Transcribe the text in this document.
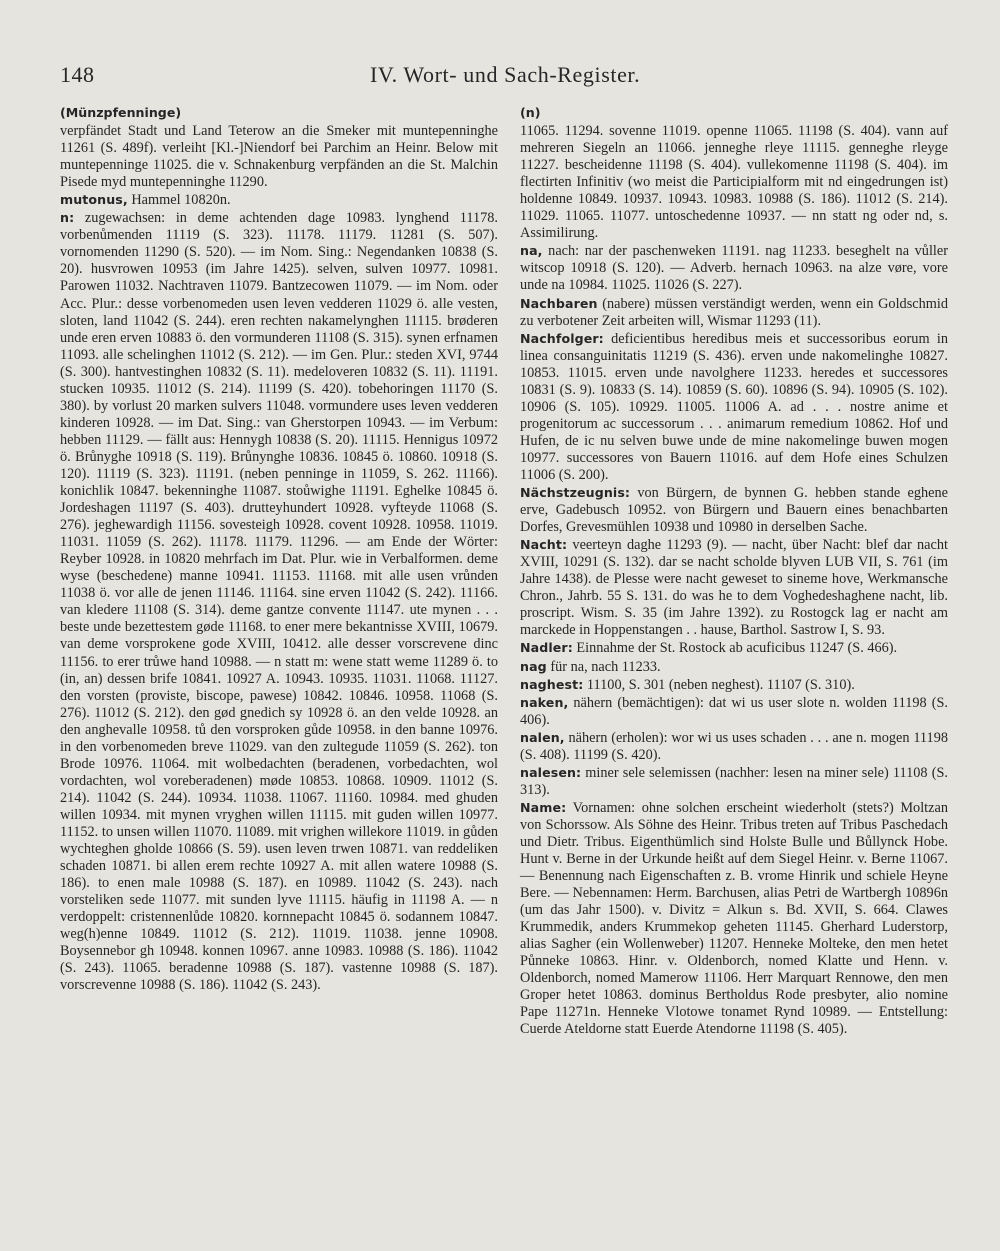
148	IV. Wort- und Sach-Register.
(Münzpfenninge)
verpfändet Stadt und Land Teterow an die Smeker mit muntepenninghe 11261 (S. 489f). verleiht [Kl.-]Niendorf bei Parchim an Heinr. Below mit muntepenninge 11025. die v. Schnakenburg verpfänden an die St. Malchin Pisede myd muntepenninghe 11290.
mutonus, Hammel 10820n.
n: zugewachsen: in deme achtenden dage 10983. lynghend 11178. vorbenůmenden 11119 (S. 323). 11178. 11179. 11281 (S. 507). vornomenden 11290 (S. 520). — im Nom. Sing.: Negendanken 10838 (S. 20). husvrowen 10953 (im Jahre 1425). selven, sulven 10977. 10981. Parowen 11032. Nachtraven 11079. Bantzecowen 11079. — im Nom. oder Acc. Plur.: desse vorbenomeden usen leven vedderen 11029 ö. alle vesten, sloten, land 11042 (S. 244). eren rechten nakamelynghen 11115. brøderen unde eren erven 10883 ö. den vormunderen 11108 (S. 315). synen erfnamen 11093. alle schelinghen 11012 (S. 212). — im Gen. Plur.: steden XVI, 9744 (S. 300). hantvestinghen 10832 (S. 11). medeloveren 10832 (S. 11). 11191. stucken 10935. 11012 (S. 214). 11199 (S. 420). tobehoringen 11170 (S. 380). by vorlust 20 marken sulvers 11048. vormundere uses leven vedderen kinderen 10928. — im Dat. Sing.: van Gherstorpen 10943. — im Verbum: hebben 11129. — fällt aus: Hennygh 10838 (S. 20). 11115. Hennigus 10972 ö. Brůnyghe 10918 (S. 119). Brůnynghe 10836. 10845 ö. 10860. 10918 (S. 120). 11119 (S. 323). 11191. (neben penninge in 11059, S. 262. 11166). konichlik 10847. bekenninghe 11087. stoůwighe 11191. Eghelke 10845 ö. Jordeshagen 11197 (S. 403). drutteyhundert 10928. vyfteyde 11068 (S. 276). jeghewardigh 11156. sovesteigh 10928. covent 10928. 10958. 11019. 11031. 11059 (S. 262). 11178. 11179. 11296. — am Ende der Wörter: Reyber 10928. in 10820 mehrfach im Dat. Plur. wie in Verbalformen. deme wyse (beschedene) manne 10941. 11153. 11168. mit alle usen vrůnden 11038 ö. vor alle de jenen 11146. 11164. sine erven 11042 (S. 242). 11166. van kledere 11108 (S. 314). deme gantze convente 11147. ute mynen . . . beste unde bezettestem gøde 11168. to ener mere bekantnisse XVIII, 10679. van deme vorsprokene gode XVIII, 10412. alle desser vorscrevene dinc 11156. to erer trůwe hand 10988. — n statt m: wene statt weme 11289 ö. to (in, an) dessen brife 10841. 10927 A. 10943. 10935. 11031. 11068. 11127. den vorsten (proviste, biscope, pawese) 10842. 10846. 10958. 11068 (S. 276). 11012 (S. 212). den gød gnedich sy 10928 ö. an den velde 10928. an den anghevalle 10958. tů den vorsproken gůde 10958. in den banne 10976. in den vorbenomeden breve 11029. van den zultegude 11059 (S. 262). ton Brode 10976. 11064. mit wolbedachten (beradenen, vorbedachten, wol vordachten, wol voreberadenen) møde 10853. 10868. 10909. 11012 (S. 214). 11042 (S. 244). 10934. 11038. 11067. 11160. 10984. med ghuden willen 10934. mit mynen vryghen willen 11115. mit guden willen 10977. 11152. to unsen willen 11070. 11089. mit vrighen willekore 11019. in gůden wychteghen gholde 10866 (S. 59). usen leven trwen 10871. van reddeliken schaden 10871. bi allen erem rechte 10927 A. mit allen watere 10988 (S. 186). to enen male 10988 (S. 187). en 10989. 11042 (S. 243). nach vorsteliken sede 11077. mit sunden lyve 11115. häufig in 11198 A. — n verdoppelt: cristennenlůde 10820. kornnepacht 10845 ö. sodannem 10847. weg(h)enne 10849. 11012 (S. 212). 11019. 11038. jenne 10908. Boysennebor gh 10948. konnen 10967. anne 10983. 10988 (S. 186). 11042 (S. 243). 11065. beradenne 10988 (S. 187). vastenne 10988 (S. 187). vorscrevenne 10988 (S. 186). 11042 (S. 243).
(n)
11065. 11294. sovenne 11019. openne 11065. 11198 (S. 404). vann auf mehreren Siegeln an 11066. jenneghe rleye 11115. genneghe rleyge 11227. bescheidenne 11198 (S. 404). vullekomenne 11198 (S. 404). im flectirten Infinitiv (wo meist die Participialform mit nd eingedrungen ist) holdenne 10849. 10937. 10943. 10983. 10988 (S. 186). 11012 (S. 214). 11029. 11065. 11077. untoschedenne 10937. — nn statt ng oder nd, s. Assimilirung.
na, nach: nar der paschenweken 11191. nag 11233. beseghelt na vůller witscop 10918 (S. 120). — Adverb. hernach 10963. na alze vøre, vore unde na 10984. 11025. 11026 (S. 227).
Nachbaren (nabere) müssen verständigt werden, wenn ein Goldschmid zu verbotener Zeit arbeiten will, Wismar 11293 (11).
Nachfolger: deficientibus heredibus meis et successoribus eorum in linea consanguinitatis 11219 (S. 436). erven unde nakomelinghe 10827. 10853. 11015. erven unde navolghere 11233. heredes et successores 10831 (S. 9). 10833 (S. 14). 10859 (S. 60). 10896 (S. 94). 10905 (S. 102). 10906 (S. 105). 10929. 11005. 11006 A. ad . . . nostre anime et progenitorum ac successorum . . . animarum remedium 10862. Hof und Hufen, de ic nu selven buwe unde de mine nakomelinge buwen mogen 10977. successores von Bauern 11016. auf dem Hofe eines Schulzen 11006 (S. 200).
Nächstzeugnis: von Bürgern, de bynnen G. hebben stande eghene erve, Gadebusch 10952. von Bürgern und Bauern eines benachbarten Dorfes, Grevesmühlen 10938 und 10980 in derselben Sache.
Nacht: veerteyn daghe 11293 (9). — nacht, über Nacht: blef dar nacht XVIII, 10291 (S. 132). dar se nacht scholde blyven LUB VII, S. 761 (im Jahre 1438). de Plesse were nacht geweset to sineme hove, Werkmansche Chron., Jahrb. 55 S. 131. do was he to dem Voghedeshaghene nacht, lib. proscript. Wism. S. 35 (im Jahre 1392). zu Rostogck lag er nacht am marckede in Hoppenstangen . . hause, Barthol. Sastrow I, S. 93.
Nadler: Einnahme der St. Rostock ab acuficibus 11247 (S. 466).
nag für na, nach 11233.
naghest: 11100, S. 301 (neben neghest). 11107 (S. 310).
naken, nähern (bemächtigen): dat wi us user slote n. wolden 11198 (S. 406).
nalen, nähern (erholen): wor wi us uses schaden . . . ane n. mogen 11198 (S. 408). 11199 (S. 420).
nalesen: miner sele selemissen (nachher: lesen na miner sele) 11108 (S. 313).
Name: Vornamen: ohne solchen erscheint wiederholt (stets?) Moltzan von Schorssow. Als Söhne des Heinr. Tribus treten auf Tribus Paschedach und Dietr. Tribus. Eigenthümlich sind Holste Bulle und Bůllynck Hobe. Hunt v. Berne in der Urkunde heißt auf dem Siegel Heinr. v. Berne 11067. — Benennung nach Eigenschaften z. B. vrome Hinrik und schiele Heyne Bere. — Nebennamen: Herm. Barchusen, alias Petri de Wartbergh 10896n (um das Jahr 1500). v. Divitz = Alkun s. Bd. XVII, S. 664. Clawes Krummedik, anders Krummekop geheten 11145. Gherhard Luderstorp, alias Sagher (ein Wollenweber) 11207. Henneke Molteke, den men hetet Půnneke 10863. Hinr. v. Oldenborch, nomed Klatte und Henn. v. Oldenborch, nomed Mamerow 11106. Herr Marquart Rennowe, den men Groper hetet 10863. dominus Bertholdus Rode presbyter, alio nomine Pape 11271n. Henneke Vlotowe tonamet Rynd 10989. — Entstellung: Cuerde Ateldorne statt Euerde Atendorne 11198 (S. 405).
